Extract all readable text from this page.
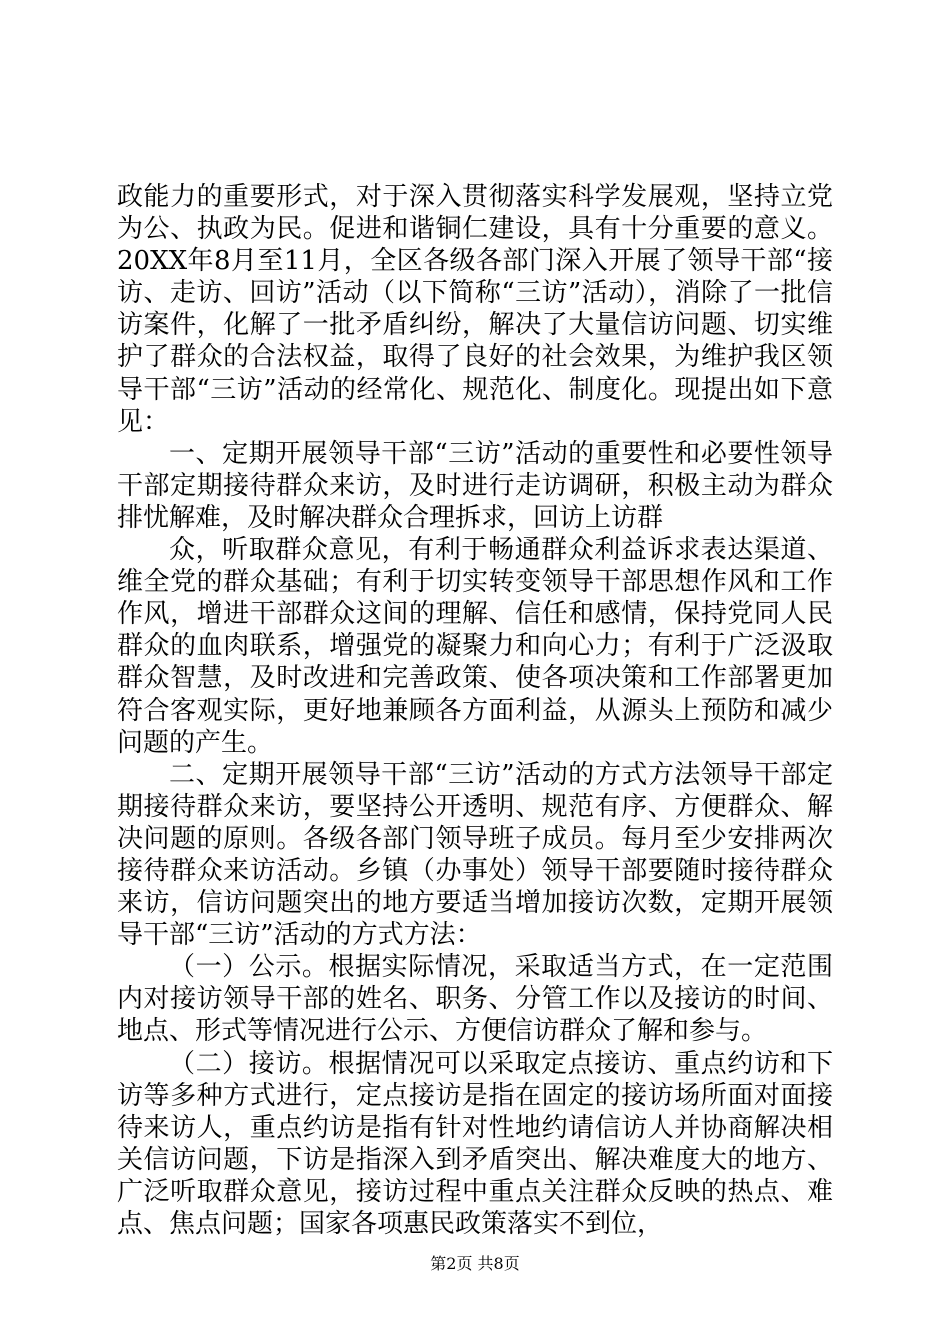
政能力的重要形式，对于深入贯彻落实科学发展观，坚持立党为公、执政为民。促进和谐铜仁建设，具有十分重要的意义。20XX年8月至11月，全区各级各部门深入开展了领导干部“接访、走访、回访”活动（以下简称“三访”活动），消除了一批信访案件，化解了一批矛盾纠纷，解决了大量信访问题、切实维护了群众的合法权益，取得了良好的社会效果，为维护我区领导干部“三访”活动的经常化、规范化、制度化。现提出如下意见：

一、定期开展领导干部“三访”活动的重要性和必要性领导干部定期接待群众来访，及时进行走访调研，积极主动为群众排忧解难，及时解决群众合理拆求，回访上访群

众，听取群众意见，有利于畅通群众利益诉求表达渠道、维全党的群众基础；有利于切实转变领导干部思想作风和工作作风，增进干部群众这间的理解、信任和感情，保持党同人民群众的血肉联系，增强党的凝聚力和向心力；有利于广泛汲取群众智慧，及时改进和完善政策、使各项决策和工作部署更加符合客观实际，更好地兼顾各方面利益，从源头上预防和减少问题的产生。

二、定期开展领导干部“三访”活动的方式方法领导干部定期接待群众来访，要坚持公开透明、规范有序、方便群众、解决问题的原则。各级各部门领导班子成员。每月至少安排两次接待群众来访活动。乡镇（办事处）领导干部要随时接待群众来访，信访问题突出的地方要适当增加接访次数，定期开展领导干部“三访”活动的方式方法：

（一）公示。根据实际情况，采取适当方式，在一定范围内对接访领导干部的姓名、职务、分管工作以及接访的时间、地点、形式等情况进行公示、方便信访群众了解和参与。

（二）接访。根据情况可以采取定点接访、重点约访和下访等多种方式进行，定点接访是指在固定的接访场所面对面接待来访人，重点约访是指有针对性地约请信访人并协商解决相关信访问题，下访是指深入到矛盾突出、解决难度大的地方、广泛听取群众意见，接访过程中重点关注群众反映的热点、难点、焦点问题；国家各项惠民政策落实不到位，

第2页 共8页
